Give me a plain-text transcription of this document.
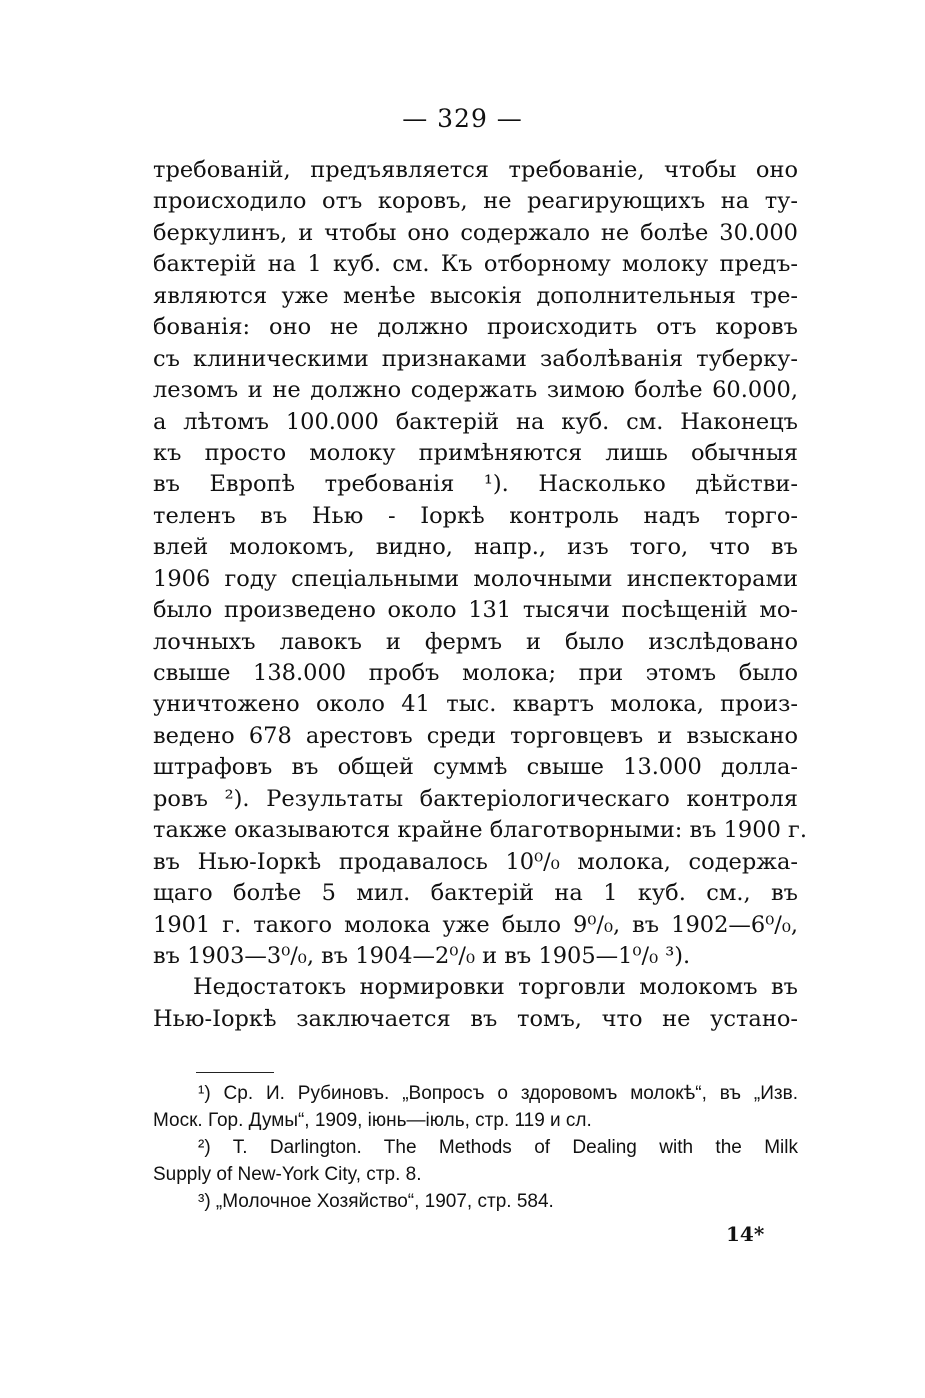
— 329 —
требованій, предъявляется требованіе, чтобы оно
происходило отъ коровъ, не реагирующихъ на ту-
беркулинъ, и чтобы оно содержало не болѣе 30.000
бактерій на 1 куб. см. Къ отборному молоку предъ-
являются уже менѣе высокія дополнительныя тре-
бованія: оно не должно происходить отъ коровъ
съ клиническими признаками заболѣванія туберку-
лезомъ и не должно содержать зимою болѣе 60.000,
а лѣтомъ 100.000 бактерій на куб. см. Наконецъ
къ просто молоку примѣняются лишь обычныя
въ Европѣ требованія ¹). Насколько дѣйстви-
теленъ въ Нью - Іоркѣ контроль надъ торго-
влей молокомъ, видно, напр., изъ того, что въ
1906 году спеціальными молочными инспекторами
было произведено около 131 тысячи посѣщеній мо-
лочныхъ лавокъ и фермъ и было изслѣдовано
свыше 138.000 пробъ молока; при этомъ было
уничтожено около 41 тыс. квартъ молока, произ-
ведено 678 арестовъ среди торговцевъ и взыскано
штрафовъ въ общей суммѣ свыше 13.000 долла-
ровъ ²). Результаты бактеріологическаго контроля
также оказываются крайне благотворными: въ 1900 г.
въ Нью-Іоркѣ продавалось 10⁰/₀ молока, содержа-
щаго болѣе 5 мил. бактерій на 1 куб. см., въ
1901 г. такого молока уже было 9⁰/₀, въ 1902—6⁰/₀,
въ 1903—3⁰/₀, въ 1904—2⁰/₀ и въ 1905—1⁰/₀ ³).
Недостатокъ нормировки торговли молокомъ въ
Нью-Іоркѣ заключается въ томъ, что не устано-
¹) Ср. И. Рубиновъ. „Вопросъ о здоровомъ молокѣ“, въ „Изв.
Моск. Гор. Думы“, 1909, іюнь—іюль, стр. 119 и сл.
²) T. Darlington. The Methods of Dealing with the Milk
Supply of New-York City, стр. 8.
³) „Молочное Хозяйство“, 1907, стр. 584.
14*
